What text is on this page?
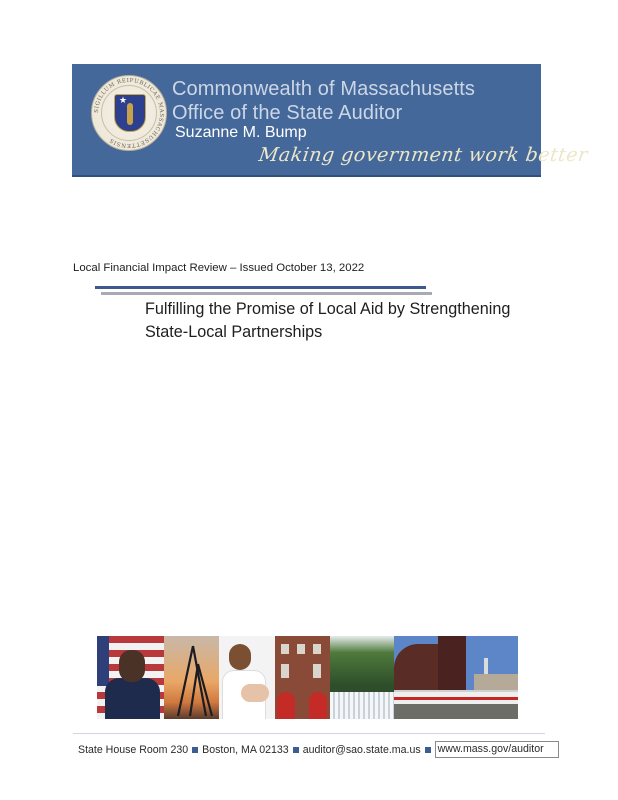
SIGILLUM REIPUBLICAE MASSACHUSETTENSIS
★
Commonwealth of Massachusetts
Office of the State Auditor
Suzanne M. Bump
Making government work better
Local Financial Impact Review – Issued October 13, 2022
Fulfilling the Promise of Local Aid by Strengthening
State-Local Partnerships
State House Room 230 Boston, MA 02133 auditor@sao.state.ma.us www.mass.gov/auditor
